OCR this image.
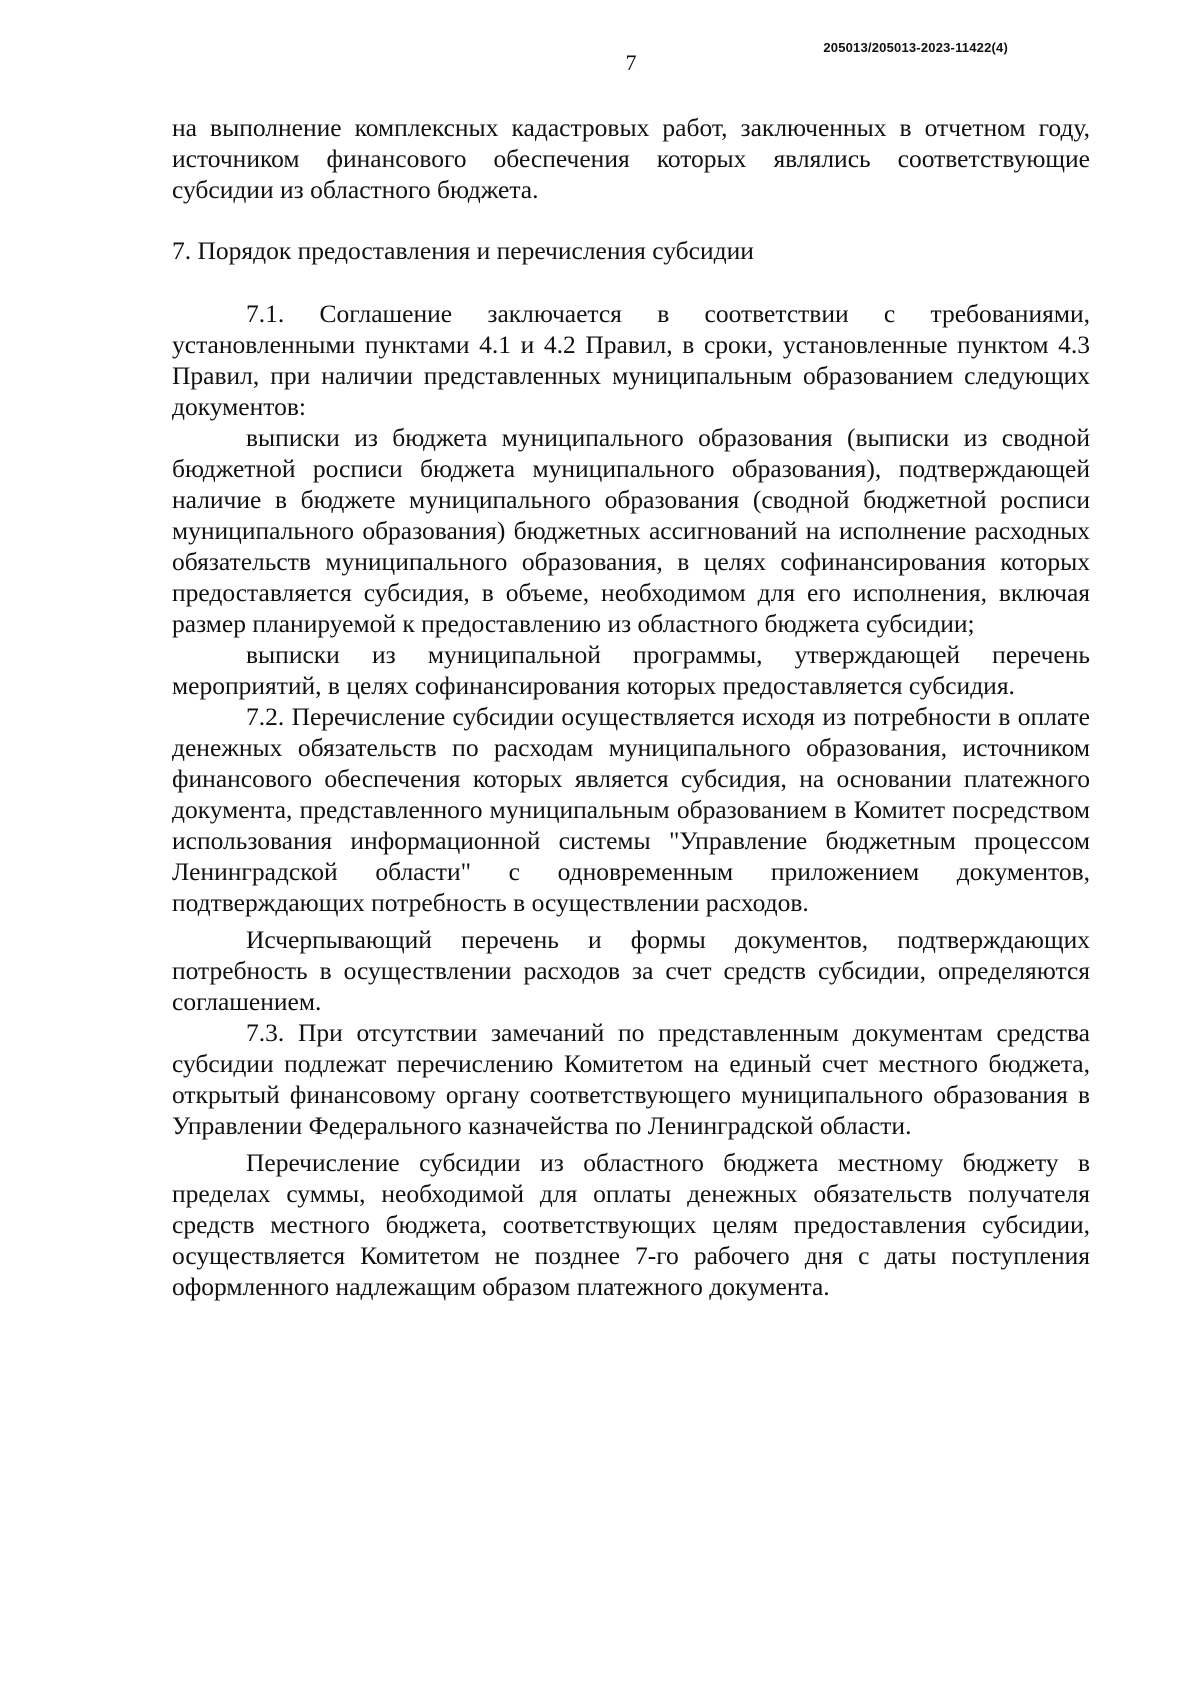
205013/205013-2023-11422(4)
7

на выполнение комплексных кадастровых работ, заключенных в отчетном году, источником финансового обеспечения которых являлись соответствующие субсидии из областного бюджета.

7. Порядок предоставления и перечисления субсидии

7.1. Соглашение заключается в соответствии с требованиями, установленными пунктами 4.1 и 4.2 Правил, в сроки, установленные пунктом 4.3 Правил, при наличии представленных муниципальным образованием следующих документов:

выписки из бюджета муниципального образования (выписки из сводной бюджетной росписи бюджета муниципального образования), подтверждающей наличие в бюджете муниципального образования (сводной бюджетной росписи муниципального образования) бюджетных ассигнований на исполнение расходных обязательств муниципального образования, в целях софинансирования которых предоставляется субсидия, в объеме, необходимом для его исполнения, включая размер планируемой к предоставлению из областного бюджета субсидии;

выписки из муниципальной программы, утверждающей перечень мероприятий, в целях софинансирования которых предоставляется субсидия.

7.2. Перечисление субсидии осуществляется исходя из потребности в оплате денежных обязательств по расходам муниципального образования, источником финансового обеспечения которых является субсидия, на основании платежного документа, представленного муниципальным образованием в Комитет посредством использования информационной системы "Управление бюджетным процессом Ленинградской области" с одновременным приложением документов, подтверждающих потребность в осуществлении расходов.

Исчерпывающий перечень и формы документов, подтверждающих потребность в осуществлении расходов за счет средств субсидии, определяются соглашением.

7.3. При отсутствии замечаний по представленным документам средства субсидии подлежат перечислению Комитетом на единый счет местного бюджета, открытый финансовому органу соответствующего муниципального образования в Управлении Федерального казначейства по Ленинградской области.

Перечисление субсидии из областного бюджета местному бюджету в пределах суммы, необходимой для оплаты денежных обязательств получателя средств местного бюджета, соответствующих целям предоставления субсидии, осуществляется Комитетом не позднее 7-го рабочего дня с даты поступления оформленного надлежащим образом платежного документа.
